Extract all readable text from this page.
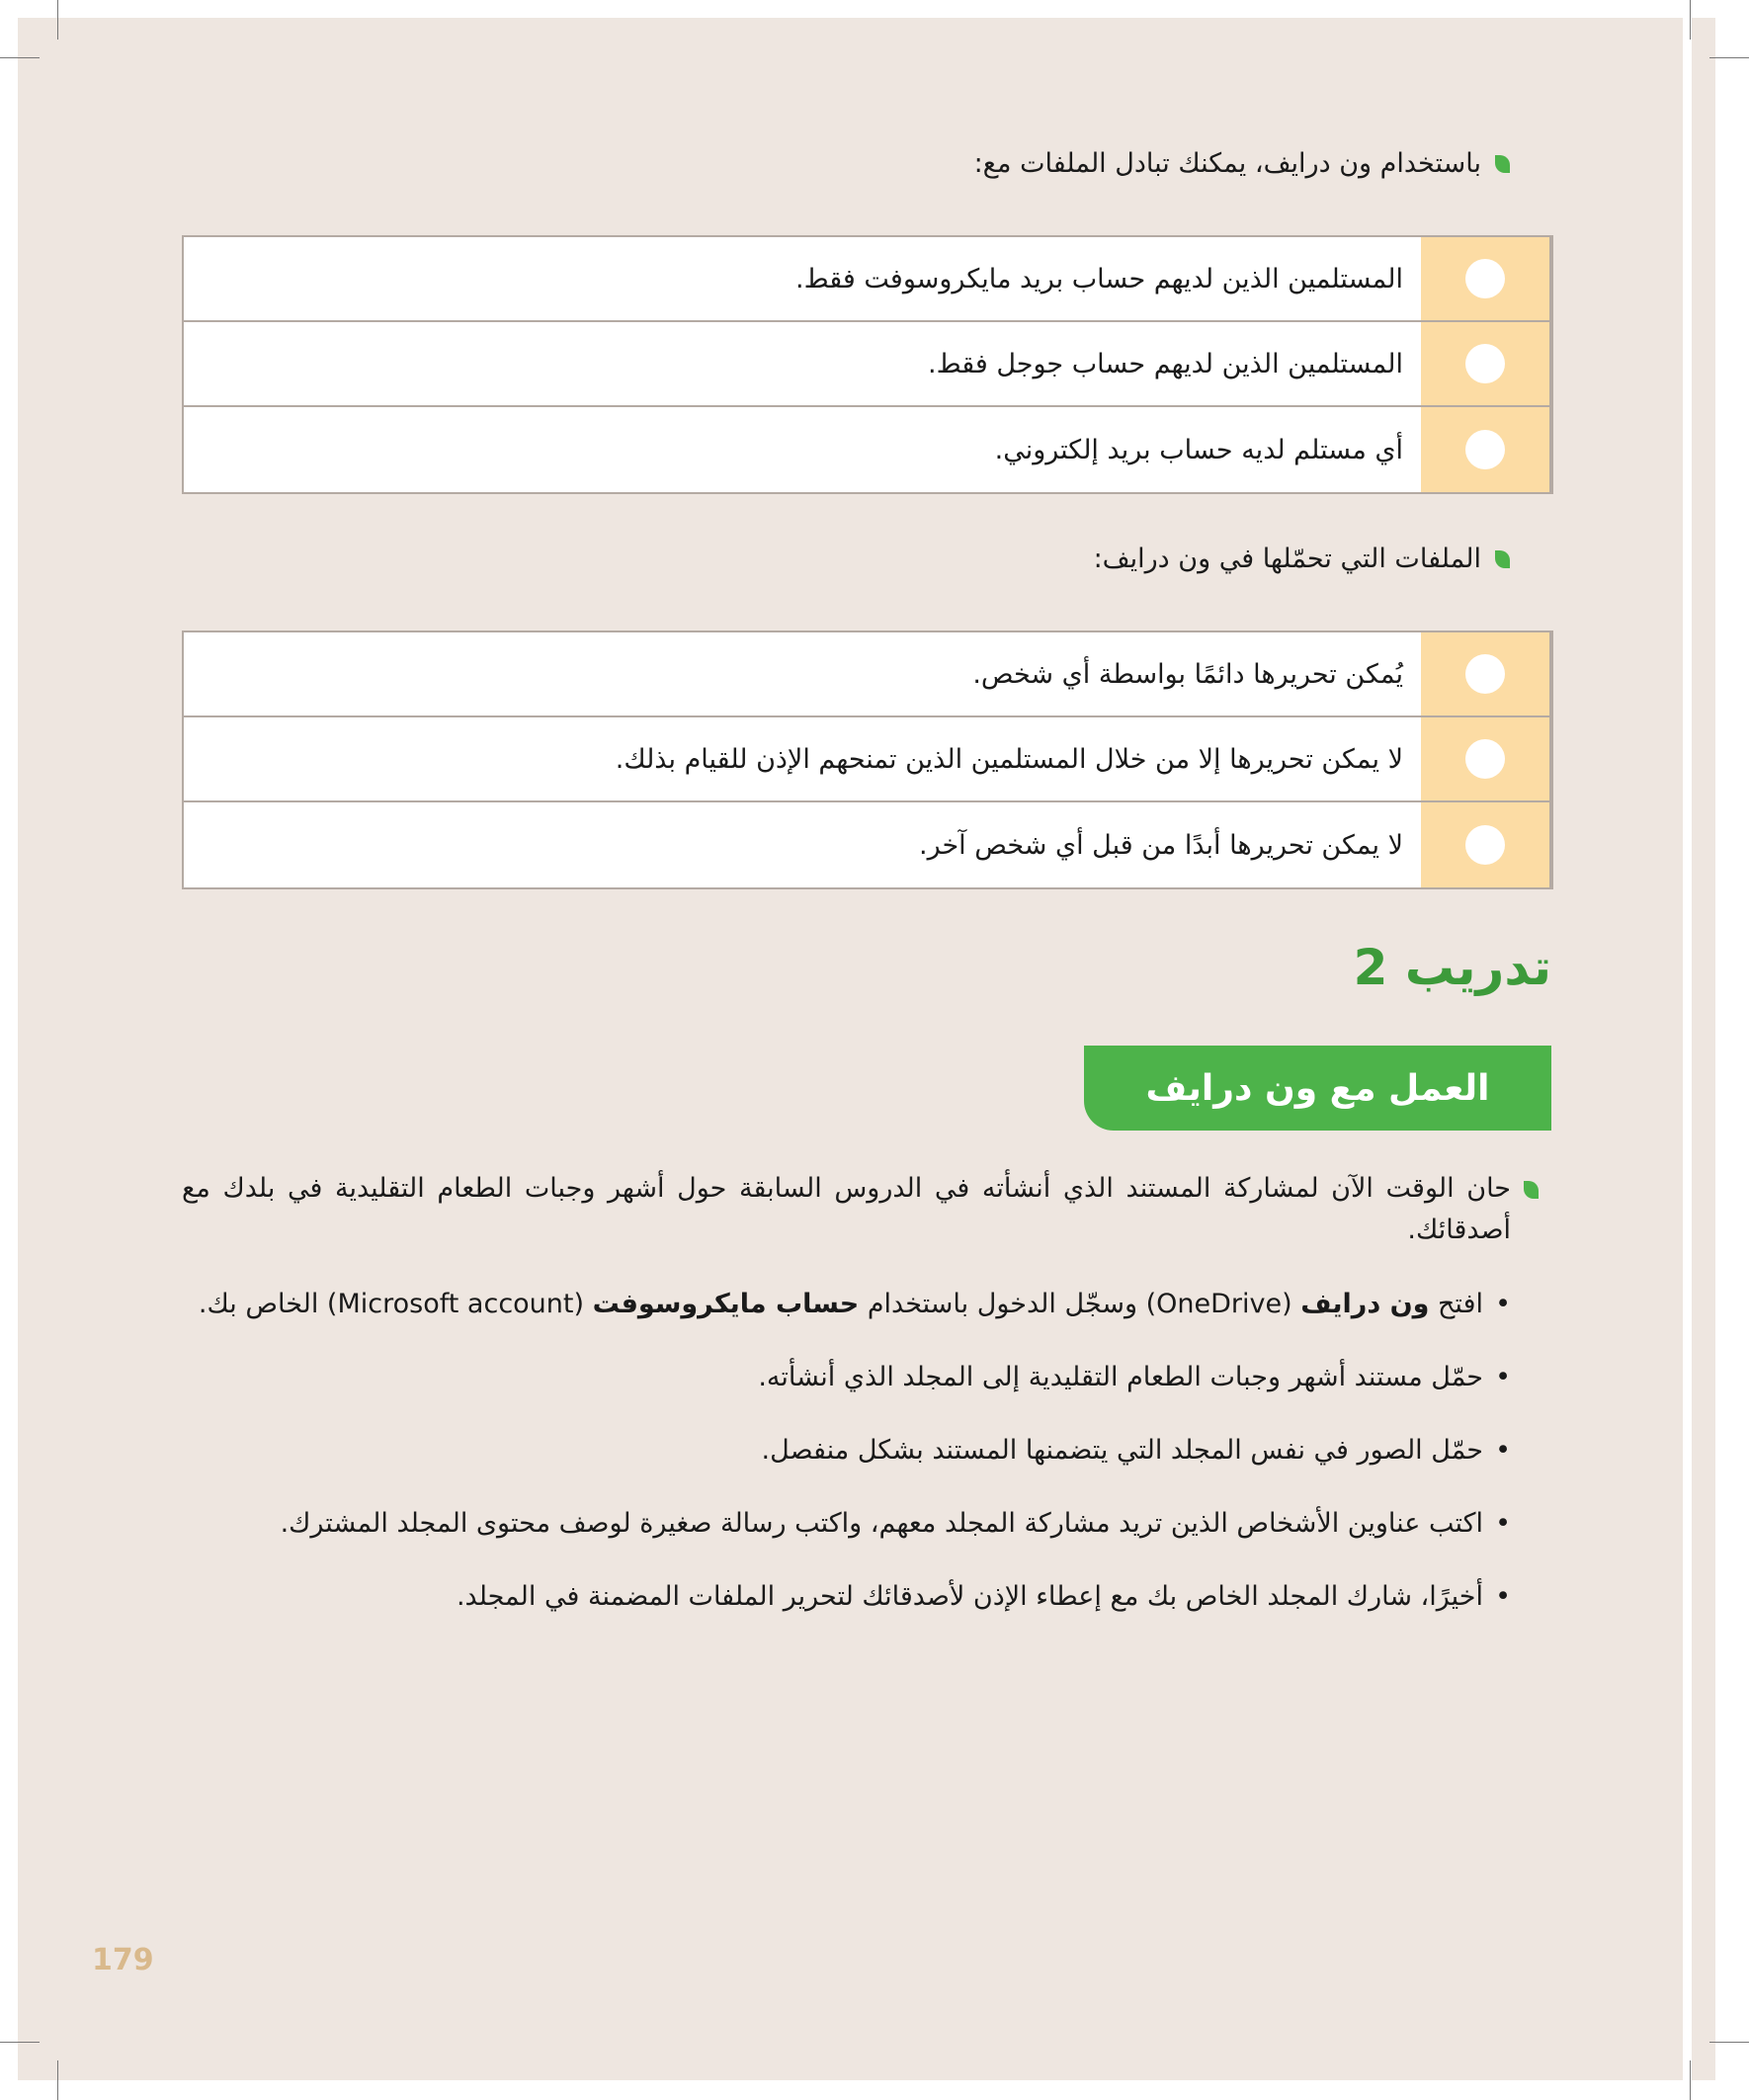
باستخدام ون درايف، يمكنك تبادل الملفات مع:
المستلمين الذين لديهم حساب بريد مايكروسوفت فقط.
المستلمين الذين لديهم حساب جوجل فقط.
أي مستلم لديه حساب بريد إلكتروني.
الملفات التي تحمّلها في ون درايف:
يُمكن تحريرها دائمًا بواسطة أي شخص.
لا يمكن تحريرها إلا من خلال المستلمين الذين تمنحهم الإذن للقيام بذلك.
لا يمكن تحريرها أبدًا من قبل أي شخص آخر.
تدريب 2
العمل مع ون درايف
حان الوقت الآن لمشاركة المستند الذي أنشأته في الدروس السابقة حول أشهر وجبات الطعام التقليدية في بلدك مع أصدقائك.
• افتح ون درايف (OneDrive) وسجّل الدخول باستخدام حساب مايكروسوفت (Microsoft account) الخاص بك.
• حمّل مستند أشهر وجبات الطعام التقليدية إلى المجلد الذي أنشأته.
• حمّل الصور في نفس المجلد التي يتضمنها المستند بشكل منفصل.
• اكتب عناوين الأشخاص الذين تريد مشاركة المجلد معهم، واكتب رسالة صغيرة لوصف محتوى المجلد المشترك.
• أخيرًا، شارك المجلد الخاص بك مع إعطاء الإذن لأصدقائك لتحرير الملفات المضمنة في المجلد.
179
